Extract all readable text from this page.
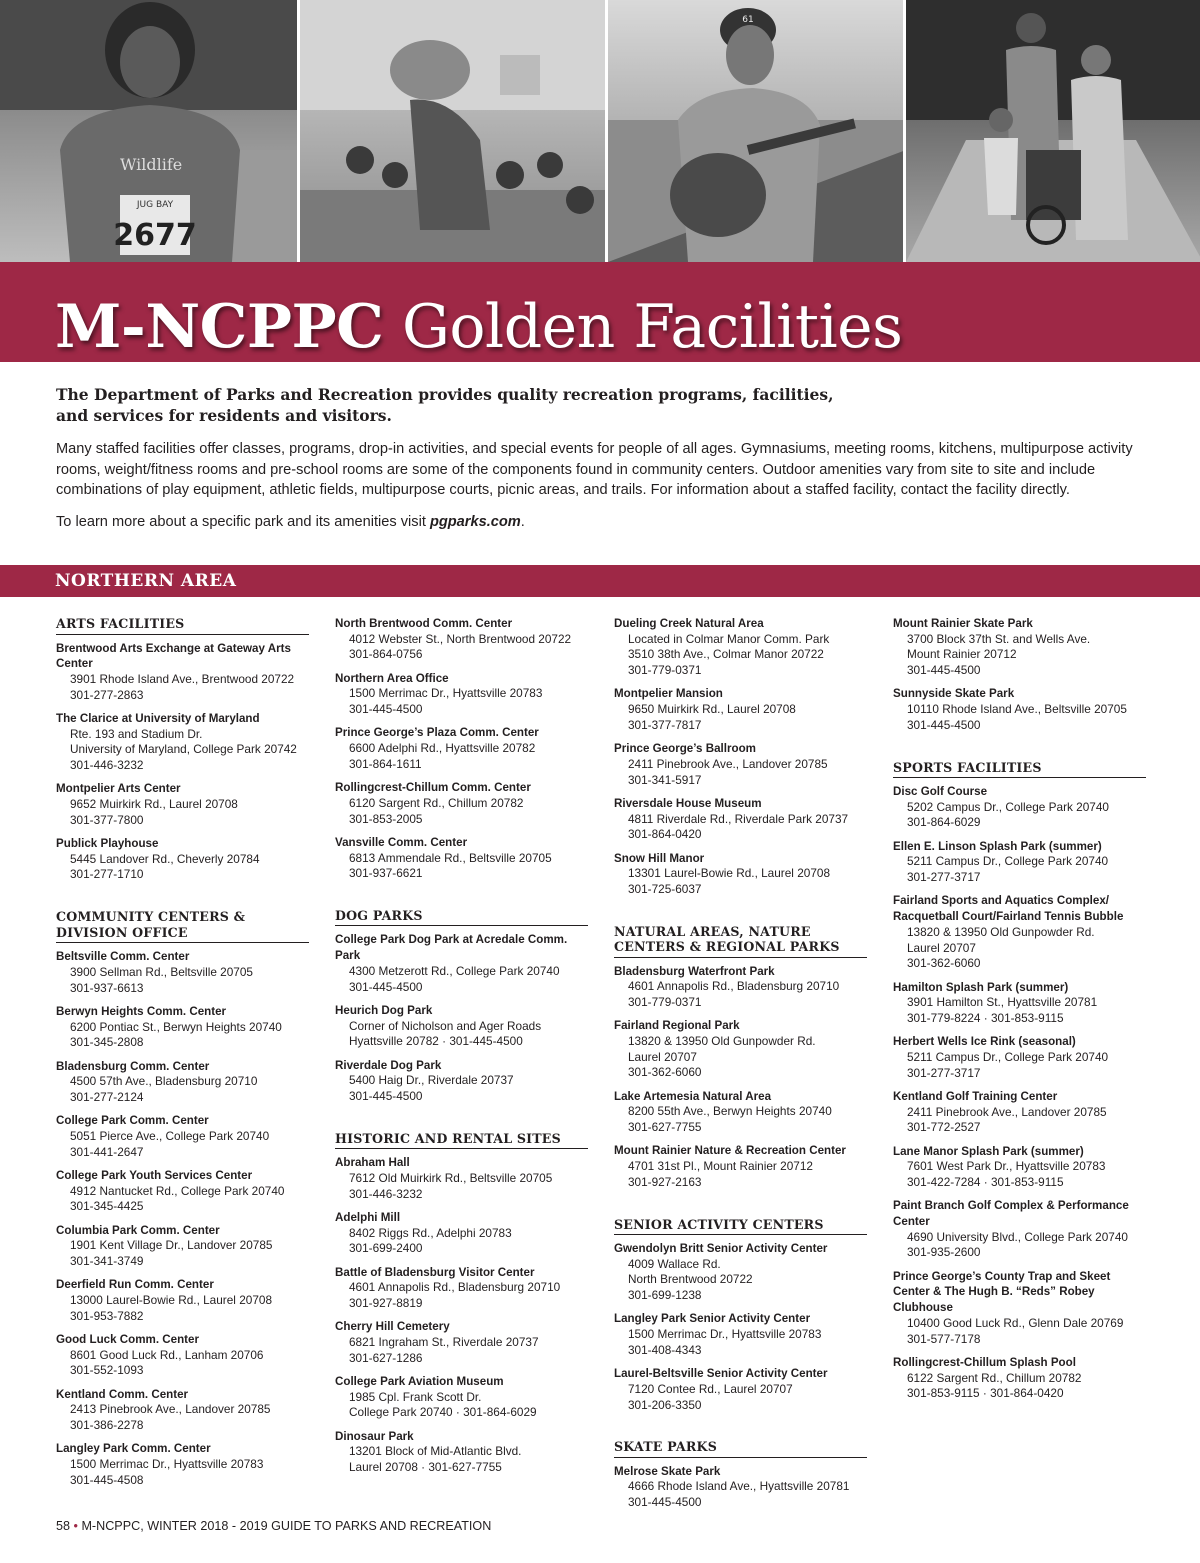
JUG BAY
2677
Wildlife
61
M-NCPPC Golden Facilities
The Department of Parks and Recreation provides quality recreation programs, facilities, and services for residents and visitors.
Many staffed facilities offer classes, programs, drop-in activities, and special events for people of all ages. Gymnasiums, meeting rooms, kitchens, multipurpose activity rooms, weight/fitness rooms and pre-school rooms are some of the components found in community centers. Outdoor amenities vary from site to site and include combinations of play equipment, athletic fields, multipurpose courts, picnic areas, and trails. For information about a staffed facility, contact the facility directly.
To learn more about a specific park and its amenities visit pgparks.com.
NORTHERN AREA
ARTS FACILITIES
Brentwood Arts Exchange at Gateway Arts Center
3901 Rhode Island Ave., Brentwood 20722
301-277-2863
The Clarice at University of Maryland
Rte. 193 and Stadium Dr.
University of Maryland, College Park 20742
301-446-3232
Montpelier Arts Center
9652 Muirkirk Rd., Laurel 20708
301-377-7800
Publick Playhouse
5445 Landover Rd., Cheverly 20784
301-277-1710
COMMUNITY CENTERS & DIVISION OFFICE
Beltsville Comm. Center
3900 Sellman Rd., Beltsville 20705
301-937-6613
Berwyn Heights Comm. Center
6200 Pontiac St., Berwyn Heights 20740
301-345-2808
Bladensburg Comm. Center
4500 57th Ave., Bladensburg 20710
301-277-2124
College Park Comm. Center
5051 Pierce Ave., College Park 20740
301-441-2647
College Park Youth Services Center
4912 Nantucket Rd., College Park 20740
301-345-4425
Columbia Park Comm. Center
1901 Kent Village Dr., Landover 20785
301-341-3749
Deerfield Run Comm. Center
13000 Laurel-Bowie Rd., Laurel 20708
301-953-7882
Good Luck Comm. Center
8601 Good Luck Rd., Lanham 20706
301-552-1093
Kentland Comm. Center
2413 Pinebrook Ave., Landover 20785
301-386-2278
Langley Park Comm. Center
1500 Merrimac Dr., Hyattsville 20783
301-445-4508
North Brentwood Comm. Center
4012 Webster St., North Brentwood 20722
301-864-0756
Northern Area Office
1500 Merrimac Dr., Hyattsville 20783
301-445-4500
Prince George’s Plaza Comm. Center
6600 Adelphi Rd., Hyattsville 20782
301-864-1611
Rollingcrest-Chillum Comm. Center
6120 Sargent Rd., Chillum 20782
301-853-2005
Vansville Comm. Center
6813 Ammendale Rd., Beltsville 20705
301-937-6621
DOG PARKS
College Park Dog Park at Acredale Comm. Park
4300 Metzerott Rd., College Park 20740
301-445-4500
Heurich Dog Park
Corner of Nicholson and Ager Roads
Hyattsville 20782 · 301-445-4500
Riverdale Dog Park
5400 Haig Dr., Riverdale 20737
301-445-4500
HISTORIC AND RENTAL SITES
Abraham Hall
7612 Old Muirkirk Rd., Beltsville 20705
301-446-3232
Adelphi Mill
8402 Riggs Rd., Adelphi 20783
301-699-2400
Battle of Bladensburg Visitor Center
4601 Annapolis Rd., Bladensburg 20710
301-927-8819
Cherry Hill Cemetery
6821 Ingraham St., Riverdale 20737
301-627-1286
College Park Aviation Museum
1985 Cpl. Frank Scott Dr.
College Park 20740 · 301-864-6029
Dinosaur Park
13201 Block of Mid-Atlantic Blvd.
Laurel 20708 · 301-627-7755
Dueling Creek Natural Area
Located in Colmar Manor Comm. Park
3510 38th Ave., Colmar Manor 20722
301-779-0371
Montpelier Mansion
9650 Muirkirk Rd., Laurel 20708
301-377-7817
Prince George’s Ballroom
2411 Pinebrook Ave., Landover 20785
301-341-5917
Riversdale House Museum
4811 Riverdale Rd., Riverdale Park 20737
301-864-0420
Snow Hill Manor
13301 Laurel-Bowie Rd., Laurel 20708
301-725-6037
NATURAL AREAS, NATURE CENTERS & REGIONAL PARKS
Bladensburg Waterfront Park
4601 Annapolis Rd., Bladensburg 20710
301-779-0371
Fairland Regional Park
13820 & 13950 Old Gunpowder Rd.
Laurel 20707
301-362-6060
Lake Artemesia Natural Area
8200 55th Ave., Berwyn Heights 20740
301-627-7755
Mount Rainier Nature & Recreation Center
4701 31st Pl., Mount Rainier 20712
301-927-2163
SENIOR ACTIVITY CENTERS
Gwendolyn Britt Senior Activity Center
4009 Wallace Rd.
North Brentwood 20722
301-699-1238
Langley Park Senior Activity Center
1500 Merrimac Dr., Hyattsville 20783
301-408-4343
Laurel-Beltsville Senior Activity Center
7120 Contee Rd., Laurel 20707
301-206-3350
SKATE PARKS
Melrose Skate Park
4666 Rhode Island Ave., Hyattsville 20781
301-445-4500
Mount Rainier Skate Park
3700 Block 37th St. and Wells Ave.
Mount Rainier 20712
301-445-4500
Sunnyside Skate Park
10110 Rhode Island Ave., Beltsville 20705
301-445-4500
SPORTS FACILITIES
Disc Golf Course
5202 Campus Dr., College Park 20740
301-864-6029
Ellen E. Linson Splash Park (summer)
5211 Campus Dr., College Park 20740
301-277-3717
Fairland Sports and Aquatics Complex/ Racquetball Court/Fairland Tennis Bubble
13820 & 13950 Old Gunpowder Rd.
Laurel 20707
301-362-6060
Hamilton Splash Park (summer)
3901 Hamilton St., Hyattsville 20781
301-779-8224 · 301-853-9115
Herbert Wells Ice Rink (seasonal)
5211 Campus Dr., College Park 20740
301-277-3717
Kentland Golf Training Center
2411 Pinebrook Ave., Landover 20785
301-772-2527
Lane Manor Splash Park (summer)
7601 West Park Dr., Hyattsville 20783
301-422-7284 · 301-853-9115
Paint Branch Golf Complex & Performance Center
4690 University Blvd., College Park 20740
301-935-2600
Prince George’s County Trap and Skeet Center & The Hugh B. “Reds” Robey Clubhouse
10400 Good Luck Rd., Glenn Dale 20769
301-577-7178
Rollingcrest-Chillum Splash Pool
6122 Sargent Rd., Chillum 20782
301-853-9115 · 301-864-0420
58 • M-NCPPC, WINTER 2018 - 2019 GUIDE TO PARKS AND RECREATION
